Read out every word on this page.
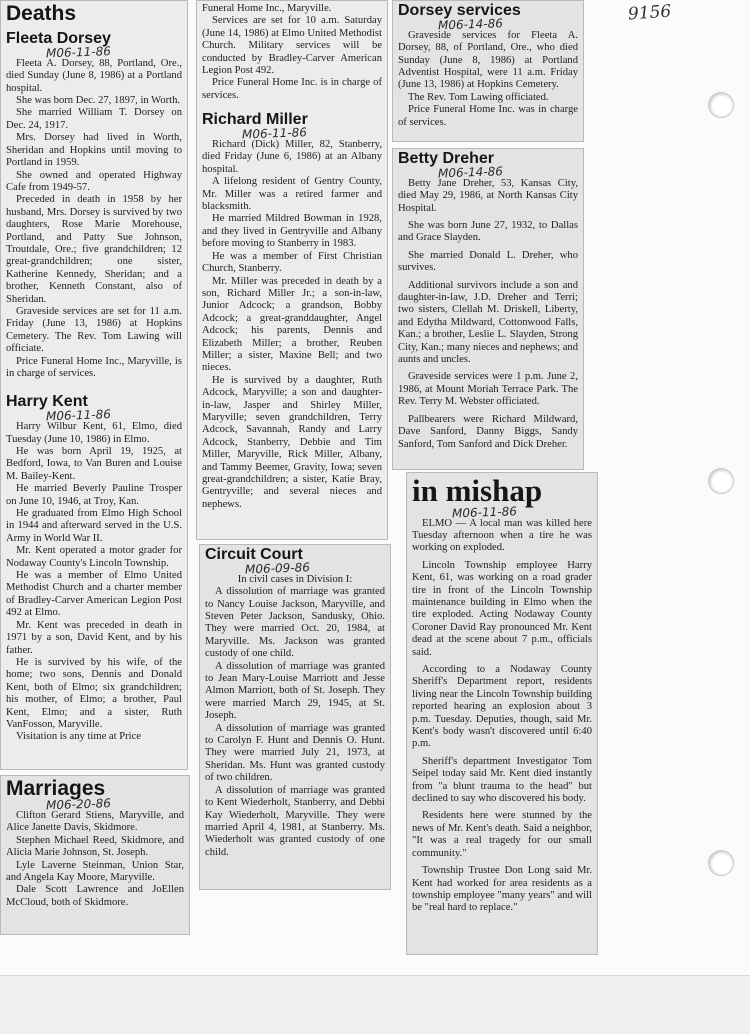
9156
Deaths
Fleeta Dorsey
M06-11-86

Fleeta A. Dorsey, 88, Portland, Ore., died Sunday (June 8, 1986) at a Portland hospital.

She was born Dec. 27, 1897, in Worth.

She married William T. Dorsey on Dec. 24, 1917.

Mrs. Dorsey had lived in Worth, Sheridan and Hopkins until moving to Portland in 1959.

She owned and operated Highway Cafe from 1949-57.

Preceded in death in 1958 by her husband, Mrs. Dorsey is survived by two daughters, Rose Marie Morehouse, Portland, and Patty Sue Johnson, Troutdale, Ore.; five grandchildren; 12 great-grandchildren; one sister, Katherine Kennedy, Sheridan; and a brother, Kenneth Constant, also of Sheridan.

Graveside services are set for 11 a.m. Friday (June 13, 1986) at Hopkins Cemetery. The Rev. Tom Lawing will officiate.

Price Funeral Home Inc., Maryville, is in charge of services.

Harry Kent
M06-11-86

Harry Wilbur Kent, 61, Elmo, died Tuesday (June 10, 1986) in Elmo.

He was born April 19, 1925, at Bedford, Iowa, to Van Buren and Louise M. Bailey-Kent.

He married Beverly Pauline Trosper on June 10, 1946, at Troy, Kan.

He graduated from Elmo High School in 1944 and afterward served in the U.S. Army in World War II.

Mr. Kent operated a motor grader for Nodaway County's Lincoln Township.

He was a member of Elmo United Methodist Church and a charter member of Bradley-Carver American Legion Post 492 at Elmo.

Mr. Kent was preceded in death in 1971 by a son, David Kent, and by his father.

He is survived by his wife, of the home; two sons, Dennis and Donald Kent, both of Elmo; six grandchildren; his mother, of Elmo; a brother, Paul Kent, Elmo; and a sister, Ruth VanFosson, Maryville.

Visitation is any time at Price

Marriages
M06-20-86

Clifton Gerard Stiens, Maryville, and Alice Janette Davis, Skidmore.

Stephen Michael Reed, Skidmore, and Alicia Marie Johnson, St. Joseph.

Lyle Laverne Steinman, Union Star, and Angela Kay Moore, Maryville.

Dale Scott Lawrence and JoEllen McCloud, both of Skidmore.

Funeral Home Inc., Maryville.

Services are set for 10 a.m. Saturday (June 14, 1986) at Elmo United Methodist Church. Military services will be conducted by Bradley-Carver American Legion Post 492.

Price Funeral Home Inc. is in charge of services.

Richard Miller
M06-11-86

Richard (Dick) Miller, 82, Stanberry, died Friday (June 6, 1986) at an Albany hospital.

A lifelong resident of Gentry County, Mr. Miller was a retired farmer and blacksmith.

He married Mildred Bowman in 1928, and they lived in Gentryville and Albany before moving to Stanberry in 1983.

He was a member of First Christian Church, Stanberry.

Mr. Miller was preceded in death by a son, Richard Miller Jr.; a son-in-law, Junior Adcock; a grandson, Bobby Adcock; a great-granddaughter, Angel Adcock; his parents, Dennis and Elizabeth Miller; a brother, Reuben Miller; a sister, Maxine Bell; and two nieces.

He is survived by a daughter, Ruth Adcock, Maryville; a son and daughter-in-law, Jasper and Shirley Miller, Maryville; seven grandchildren, Terry Adcock, Savannah, Randy and Larry Adcock, Stanberry, Debbie and Tim Miller, Maryville, Rick Miller, Albany, and Tammy Beemer, Gravity, Iowa; seven great-grandchildren; a sister, Katie Bray, Gentryville; and several nieces and nephews.

Circuit Court
M06-09-86

In civil cases in Division I:

A dissolution of marriage was granted to Nancy Louise Jackson, Maryville, and Steven Peter Jackson, Sandusky, Ohio. They were married Oct. 20, 1984, at Maryville. Ms. Jackson was granted custody of one child.

A dissolution of marriage was granted to Jean Mary-Louise Marriott and Jesse Almon Marriott, both of St. Joseph. They were married March 29, 1945, at St. Joseph.

A dissolution of marriage was granted to Carolyn F. Hunt and Dennis O. Hunt. They were married July 21, 1973, at Sheridan. Ms. Hunt was granted custody of two children.

A dissolution of marriage was granted to Kent Wiederholt, Stanberry, and Debbi Kay Wiederholt, Maryville. They were married April 4, 1981, at Stanberry. Ms. Wiederholt was granted custody of one child.

Dorsey services
M06-14-86

Graveside services for Fleeta A. Dorsey, 88, of Portland, Ore., who died Sunday (June 8, 1986) at Portland Adventist Hospital, were 11 a.m. Friday (June 13, 1986) at Hopkins Cemetery.

The Rev. Tom Lawing officiated.

Price Funeral Home Inc. was in charge of services.

Betty Dreher
M06-14-86

Betty Jane Dreher, 53, Kansas City, died May 29, 1986, at North Kansas City Hospital.

She was born June 27, 1932, to Dallas and Grace Slayden.

She married Donald L. Dreher, who survives.

Additional survivors include a son and daughter-in-law, J.D. Dreher and Terri; two sisters, Clellah M. Driskell, Liberty, and Edytha Mildward, Cottonwood Falls, Kan.; a brother, Leslie L. Slayden, Strong City, Kan.; many nieces and nephews; and aunts and uncles.

Graveside services were 1 p.m. June 2, 1986, at Mount Moriah Terrace Park. The Rev. Terry M. Webster officiated.

Pallbearers were Richard Mildward, Dave Sanford, Danny Biggs, Sandy Sanford, Tom Sanford and Dick Dreher.

in mishap
M06-11-86

ELMO — A local man was killed here Tuesday afternoon when a tire he was working on exploded.

Lincoln Township employee Harry Kent, 61, was working on a road grader tire in front of the Lincoln Township maintenance building in Elmo when the tire exploded. Acting Nodaway County Coroner David Ray pronounced Mr. Kent dead at the scene about 7 p.m., officials said.

According to a Nodaway County Sheriff's Department report, residents living near the Lincoln Township building reported hearing an explosion about 3 p.m. Tuesday. Deputies, though, said Mr. Kent's body wasn't discovered until 6:40 p.m.

Sheriff's department Investigator Tom Seipel today said Mr. Kent died instantly from "a blunt trauma to the head" but declined to say who discovered his body.

Residents here were stunned by the news of Mr. Kent's death. Said a neighbor, "It was a real tragedy for our small community."

Township Trustee Don Long said Mr. Kent had worked for area residents as a township employee "many years" and will be "real hard to replace."
